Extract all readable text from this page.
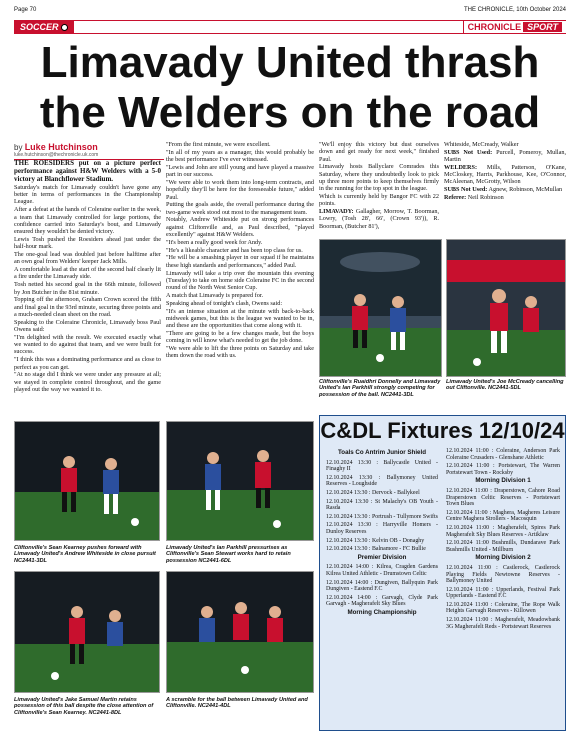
Page 70	THE CHRONICLE, 10th October 2024
SOCCER	CHRONICLE SPORT
Limavady United thrash
the Welders on the road
by Luke Hutchinson
luke.hutchinson@thechronicle.uk.com

THE ROESIDERS put on a picture perfect performance against H&W Welders with a 5-0 victory at Blanchflower Stadium.

Saturday's match for Limavady couldn't have gone any better in terms of performances in the Championship League.

After a defeat at the hands of Coleraine earlier in the week, a team that Limavady controlled for large portions, the confidence carried into Saturday's bout, and Limavady ensured they wouldn't be denied victory.

Lewis Tosh pushed the Roesiders ahead just under the half-hour mark.

The one-goal lead was doubled just before halftime after an own goal from Welders' keeper Jack Mills.

A comfortable lead at the start of the second half clearly lit a fire under the Limavady side.

Tosh netted his second goal in the 66th minute, followed by Jon Butcher in the 81st minute.

Topping off the afternoon, Graham Crown scored the fifth and final goal in the 93rd minute, securing three points and a much-needed clean sheet on the road.

Speaking to the Coleraine Chronicle, Limavady boss Paul Owens said:

"I'm delighted with the result. We executed exactly what we wanted to do against that team, and we were built for success.

"I think this was a dominating performance and as close to perfect as you can get.

"At no stage did I think we were under any pressure at all; we stayed in complete control throughout, and the game played out the way we wanted it to.

"From the first minute, we were excellent.

"In all of my years as a manager, this would probably be the best performance I've ever witnessed.

"Lewis and John are still young and have played a massive part in our success.

"We were able to work them into long-term contracts, and hopefully they'll be here for the foreseeable future," added Paul.

Putting the goals aside, the overall performance during the two-game week stood out most to the management team.

Notably, Andrew Whiteside put on strong performances against Cliftonville and, as Paul described, "played excellently" against H&W Welders.

"It's been a really good week for Andy.

"He's a likeable character and has been top class for us.

"He will be a smashing player in our squad if he maintains these high standards and performances," added Paul.

Limavady will take a trip over the mountain this evening (Tuesday) to take on home side Coleraine FC in the second round of the North West Senior Cup.

A match that Limavady is prepared for.

Speaking ahead of tonight's clash, Owens said:

"It's an intense situation at the minute with back-to-back midweek games, but this is the league we wanted to be in, and these are the opportunities that come along with it.

"There are going to be a few changes made, but the boys coming in will know what's needed to get the job done.

"We were able to lift the three points on Saturday and take them down the road with us.

"We'll enjoy this victory but dust ourselves down and get ready for next week," finished Paul.

Limavady hosts Ballyclare Comrades this Saturday, where they undoubtedly look to pick up three more points to keep themselves firmly in the running for the top spot in the league.

Which is currently held by Bangor FC with 22 points.

LIMAVADY: Gallagher, Morrow, T. Boorman, Lowry, (Tosh 28', 66', (Crown 93')), R. Boorman, (Butcher 81'),

Whiteside, McCready, Walker

SUBS Not Used: Purcell, Pomeroy, Mullan, Martin

WELDERS: Mills, Patterson, O'Kane, McCloskey, Harris, Parkhouse, Kee, O'Connor, McAleenan, McGrotty, Wilson

SUBS Not Used: Agnew, Robinson, McMullan

Referee: Neil Robinson

Cliftonville's Ruaidhri Donnelly and Limavady United's Ian Parkhill strongly competing for possession of the ball. NC2441-3DL
Limavady United's Joe McCready cancelling out Cliftonville. NC2441-5DL
Cliftonville's Sean Kearney pushes forward with Limavady United's Andrew Whiteside in close pursuit NC2441-3DL
Limavady United's Ian Parkhill pressurises as Cliftonville's Sean Stewart works hard to retain possession NC2441-6DL
Limavady United's Jake Samuel Martin retains possession of this ball despite the close attention of Cliftonville's Sean Kearney. NC2441-8DL
A scramble for the ball between Limavady United and Cliftonville. NC2441-4DL
C&DL Fixtures 12/10/24
Toals Co Antrim Junior Shield
12.10.2024 13:30 : Ballycastle United - Finaghy II
12.10.2024 13:30 : Ballymoney United Reserves - Loughside
12.10.2024 13:30 : Dervock - Ballykeel
12.10.2024 13:30 : St Malachy's OB Youth - Rasda
12.10.2024 13:30 : Portrush - Tullymore Swifts
12.10.2024 13:30 : Harryville Homers - Dunloy Reserves
12.10.2024 13:30 : Kelvin OB - Donaghy
12.10.2024 13:30 : Balnamore - FC Bullie
Premier Division
12.10.2024 14:00 : Kilrea, Cragden Gardens Kilrea United Athletic - Drumstown Celtic
12.10.2024 14:00 : Dungiven, Ballyquin Park Dungiven - Eastend F.C
12.10.2024 14:00 : Garvagh, Clyde Park Garvagh - Magherafelt Sky Blues
Morning Championship
12.10.2024 11:00 : Coleraine, Anderson Park Coleraine Crusaders - Glenshane Athletic
12.10.2024 11:00 : Portstewart, The Warren Portstewart Town - Rocksby
Morning Division 1
12.10.2024 11:00 : Draperstown, Cahore Road Draperstown Celtic Reserves - Portstewart Town Blues
12.10.2024 11:00 : Maghera, Magheres Leisure Centre Maghera Strollers - Macosquin
12.10.2024 11:00 : Magherafelt, Spires Park Magherafelt Sky Blues Reserves - Artiklaw
12.10.2024 11:00 Bushmills, Dundarave Park Bushmills United - Millburn
Morning Division 2
12.10.2024 11:00 : Castlerock, Castlerock Playing Fields Newtowne Reserves - Ballymoney United
12.10.2024 11:00 : Upperlands, Festival Park Upperlands - Eastend F.C
12.10.2024 11:00 : Coleraine, The Rope Walk Heights Garvagh Reserves - Killowen
12.10.2024 11:00 : Magherafelt, Meadowbank 3G Magherafelt Reds - Portstewart Reserves
